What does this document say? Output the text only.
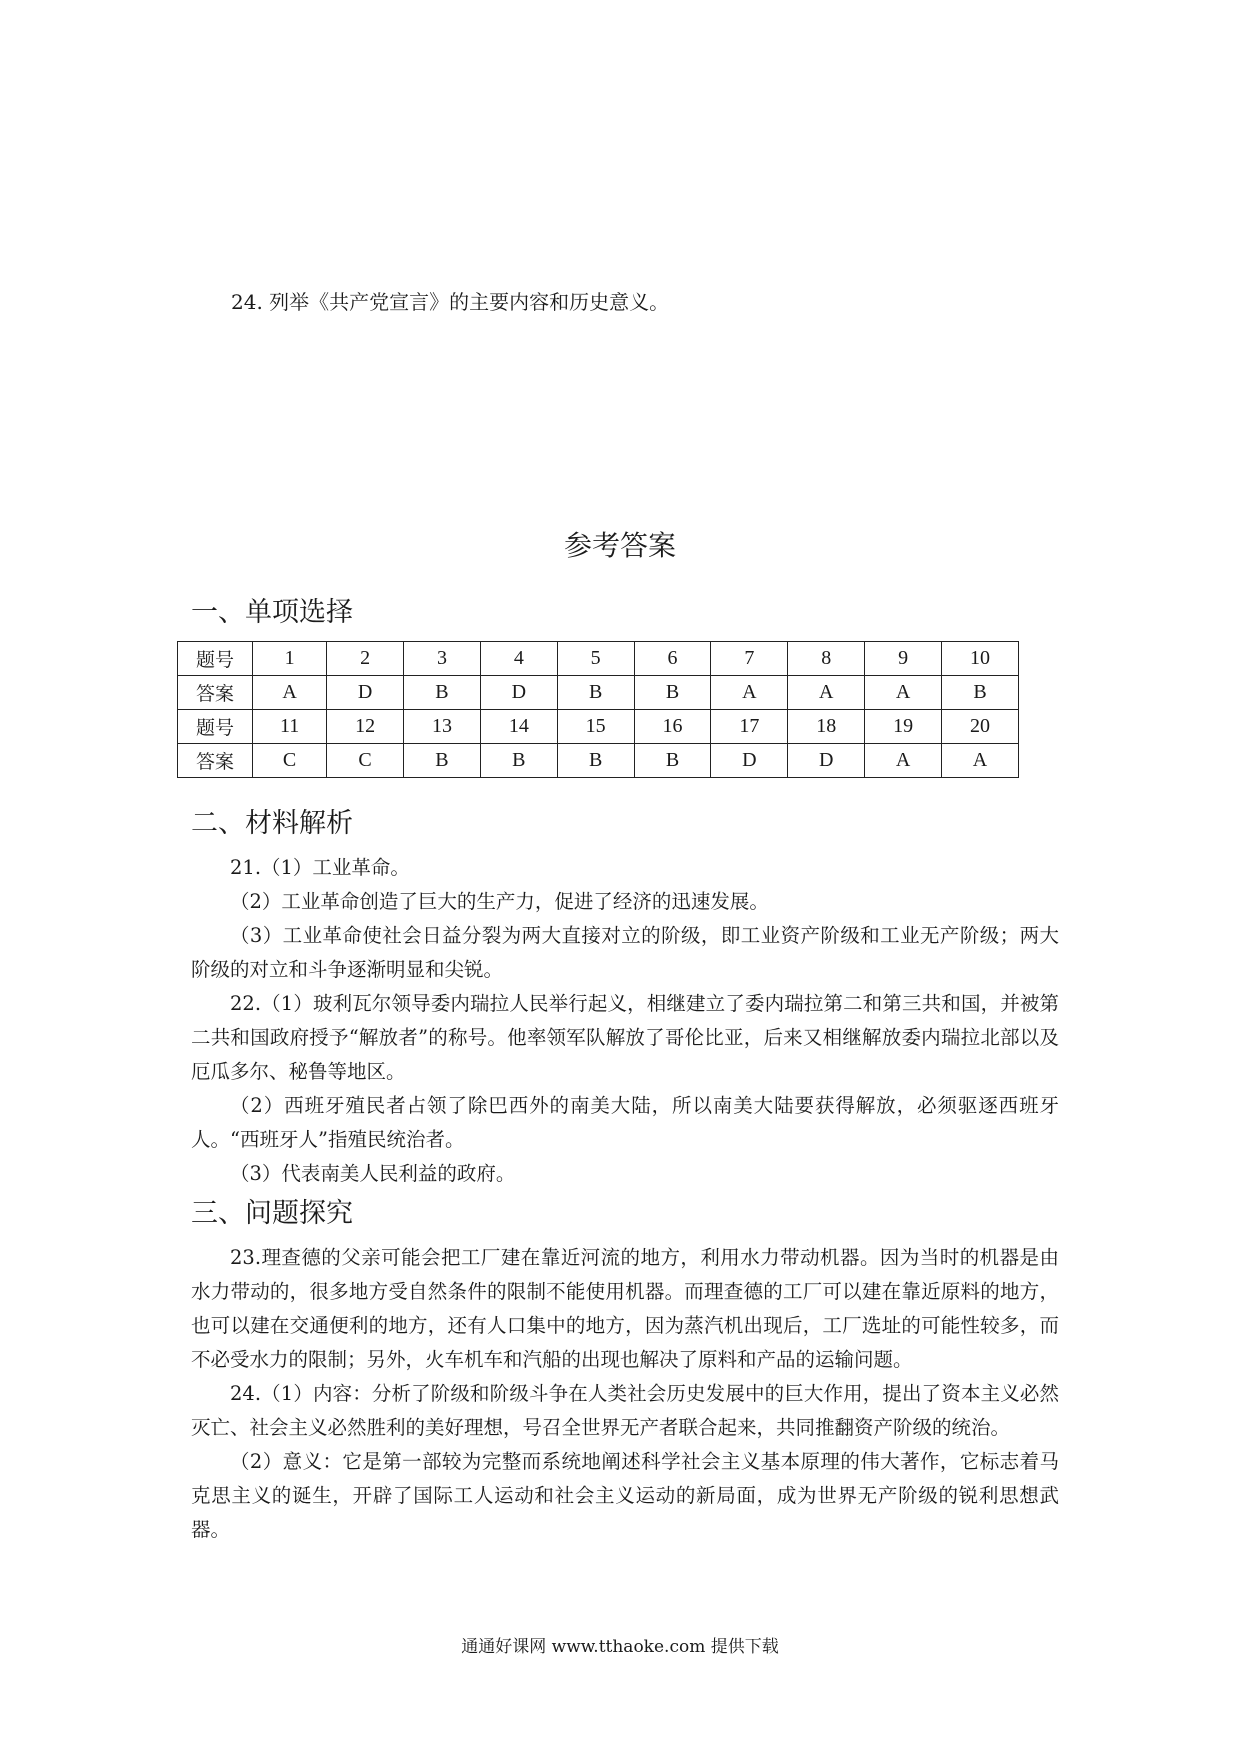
24. 列举《共产党宣言》的主要内容和历史意义。
参考答案
一、单项选择
题号	1	2	3	4	5	6	7	8	9	10
答案	A	D	B	D	B	B	A	A	A	B
题号	11	12	13	14	15	16	17	18	19	20
答案	C	C	B	B	B	B	D	D	A	A
二、材料解析

21.（1）工业革命。

（2）工业革命创造了巨大的生产力，促进了经济的迅速发展。

（3）工业革命使社会日益分裂为两大直接对立的阶级，即工业资产阶级和工业无产阶级；两大阶级的对立和斗争逐渐明显和尖锐。

22.（1）玻利瓦尔领导委内瑞拉人民举行起义，相继建立了委内瑞拉第二和第三共和国，并被第二共和国政府授予“解放者”的称号。他率领军队解放了哥伦比亚，后来又相继解放委内瑞拉北部以及厄瓜多尔、秘鲁等地区。

（2）西班牙殖民者占领了除巴西外的南美大陆，所以南美大陆要获得解放，必须驱逐西班牙人。“西班牙人”指殖民统治者。

（3）代表南美人民利益的政府。

三、问题探究

23.理查德的父亲可能会把工厂建在靠近河流的地方，利用水力带动机器。因为当时的机器是由水力带动的，很多地方受自然条件的限制不能使用机器。而理查德的工厂可以建在靠近原料的地方，也可以建在交通便利的地方，还有人口集中的地方，因为蒸汽机出现后，工厂选址的可能性较多，而不必受水力的限制；另外，火车机车和汽船的出现也解决了原料和产品的运输问题。

24.（1）内容：分析了阶级和阶级斗争在人类社会历史发展中的巨大作用，提出了资本主义必然灭亡、社会主义必然胜利的美好理想，号召全世界无产者联合起来，共同推翻资产阶级的统治。

（2）意义：它是第一部较为完整而系统地阐述科学社会主义基本原理的伟大著作，它标志着马克思主义的诞生，开辟了国际工人运动和社会主义运动的新局面，成为世界无产阶级的锐利思想武器。

通通好课网 www.tthaoke.com 提供下载
